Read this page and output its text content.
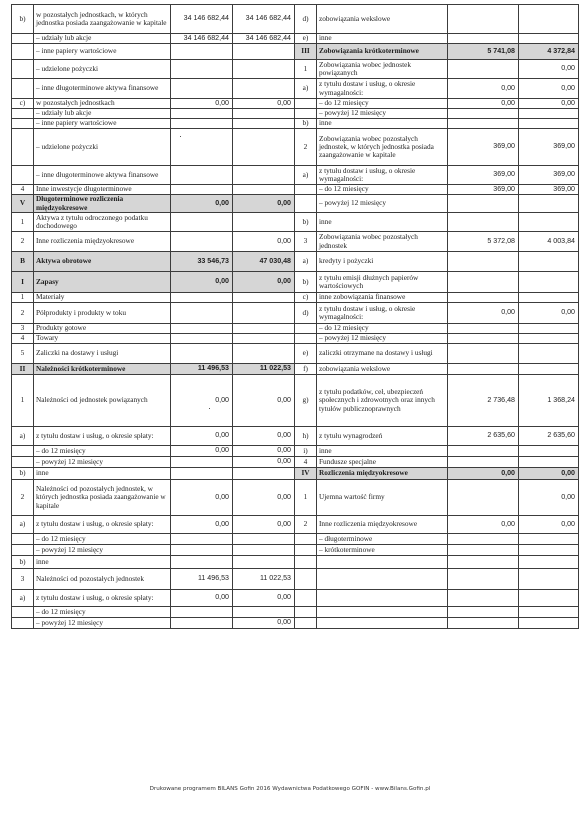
b)	w pozostałych jednostkach, w których jednostka posiada zaangażowanie w kapitale	34 146 682,44	34 146 682,44	d)	zobowiązania wekslowe		
	– udziały lub akcje	34 146 682,44	34 146 682,44	e)	inne		
	– inne papiery wartościowe			III	Zobowiązania krótkoterminowe	5 741,08	4 372,84
	– udzielone pożyczki			1	Zobowiązania wobec jednostek powiązanych		0,00
	– inne długoterminowe aktywa finansowe			a)	z tytułu dostaw i usług, o okresie wymagalności:	0,00	0,00
c)	w pozostałych jednostkach	0,00	0,00		– do 12 miesięcy	0,00	0,00
	– udziały lub akcje				– powyżej 12 miesięcy		
	– inne papiery wartościowe			b)	inne		
	– udzielone pożyczki			2	Zobowiązania wobec pozostałych jednostek, w których jednostka posiada zaangażowanie w kapitale	369,00	369,00
	– inne długoterminowe aktywa finansowe			a)	z tytułu dostaw i usług, o okresie wymagalności:	369,00	369,00
4	Inne inwestycje długoterminowe				– do 12 miesięcy	369,00	369,00
V	Długoterminowe rozliczenia międzyokresowe	0,00	0,00		– powyżej 12 miesięcy		
1	Aktywa z tytułu odroczonego podatku dochodowego			b)	inne		
2	Inne rozliczenia międzyokresowe		0,00	3	Zobowiązania wobec pozostałych jednostek	5 372,08	4 003,84
B	Aktywa obrotowe	33 546,73	47 030,48	a)	kredyty i pożyczki		
I	Zapasy	0,00	0,00	b)	z tytułu emisji dłużnych papierów wartościowych		
1	Materiały			c)	inne zobowiązania finansowe		
2	Półprodukty i produkty w toku			d)	z tytułu dostaw i usług, o okresie wymagalności:	0,00	0,00
3	Produkty gotowe				– do 12 miesięcy		
4	Towary				– powyżej 12 miesięcy		
5	Zaliczki na dostawy i usługi			e)	zaliczki otrzymane na dostawy i usługi		
II	Należności krótkoterminowe	11 496,53	11 022,53	f)	zobowiązania wekslowe		
1	Należności od jednostek powiązanych	0,00	0,00	g)	z tytułu podatków, ceł, ubezpieczeń społecznych i zdrowotnych oraz innych tytułów publicznoprawnych	2 736,48	1 368,24
a)	z tytułu dostaw i usług, o okresie spłaty:	0,00	0,00	h)	z tytułu wynagrodzeń	2 635,60	2 635,60
	– do 12 miesięcy	0,00	0,00	i)	inne		
	– powyżej 12 miesięcy		0,00	4	Fundusze specjalne		
b)	inne			IV	Rozliczenia międzyokresowe	0,00	0,00
2	Należności od pozostałych jednostek, w których jednostka posiada zaangażowanie w kapitale	0,00	0,00	1	Ujemna wartość firmy		0,00
a)	z tytułu dostaw i usług, o okresie spłaty:	0,00	0,00	2	Inne rozliczenia międzyokresowe	0,00	0,00
	– do 12 miesięcy				– długoterminowe		
	– powyżej 12 miesięcy				– krótkoterminowe		
b)	inne						
3	Należności od pozostałych jednostek	11 496,53	11 022,53				
a)	z tytułu dostaw i usług, o okresie spłaty:	0,00	0,00				
	– do 12 miesięcy						
	– powyżej 12 miesięcy		0,00				
Drukowane programem BILANS Gofin 2016 Wydawnictwa Podatkowego GOFIN - www.Bilans.Gofin.pl
